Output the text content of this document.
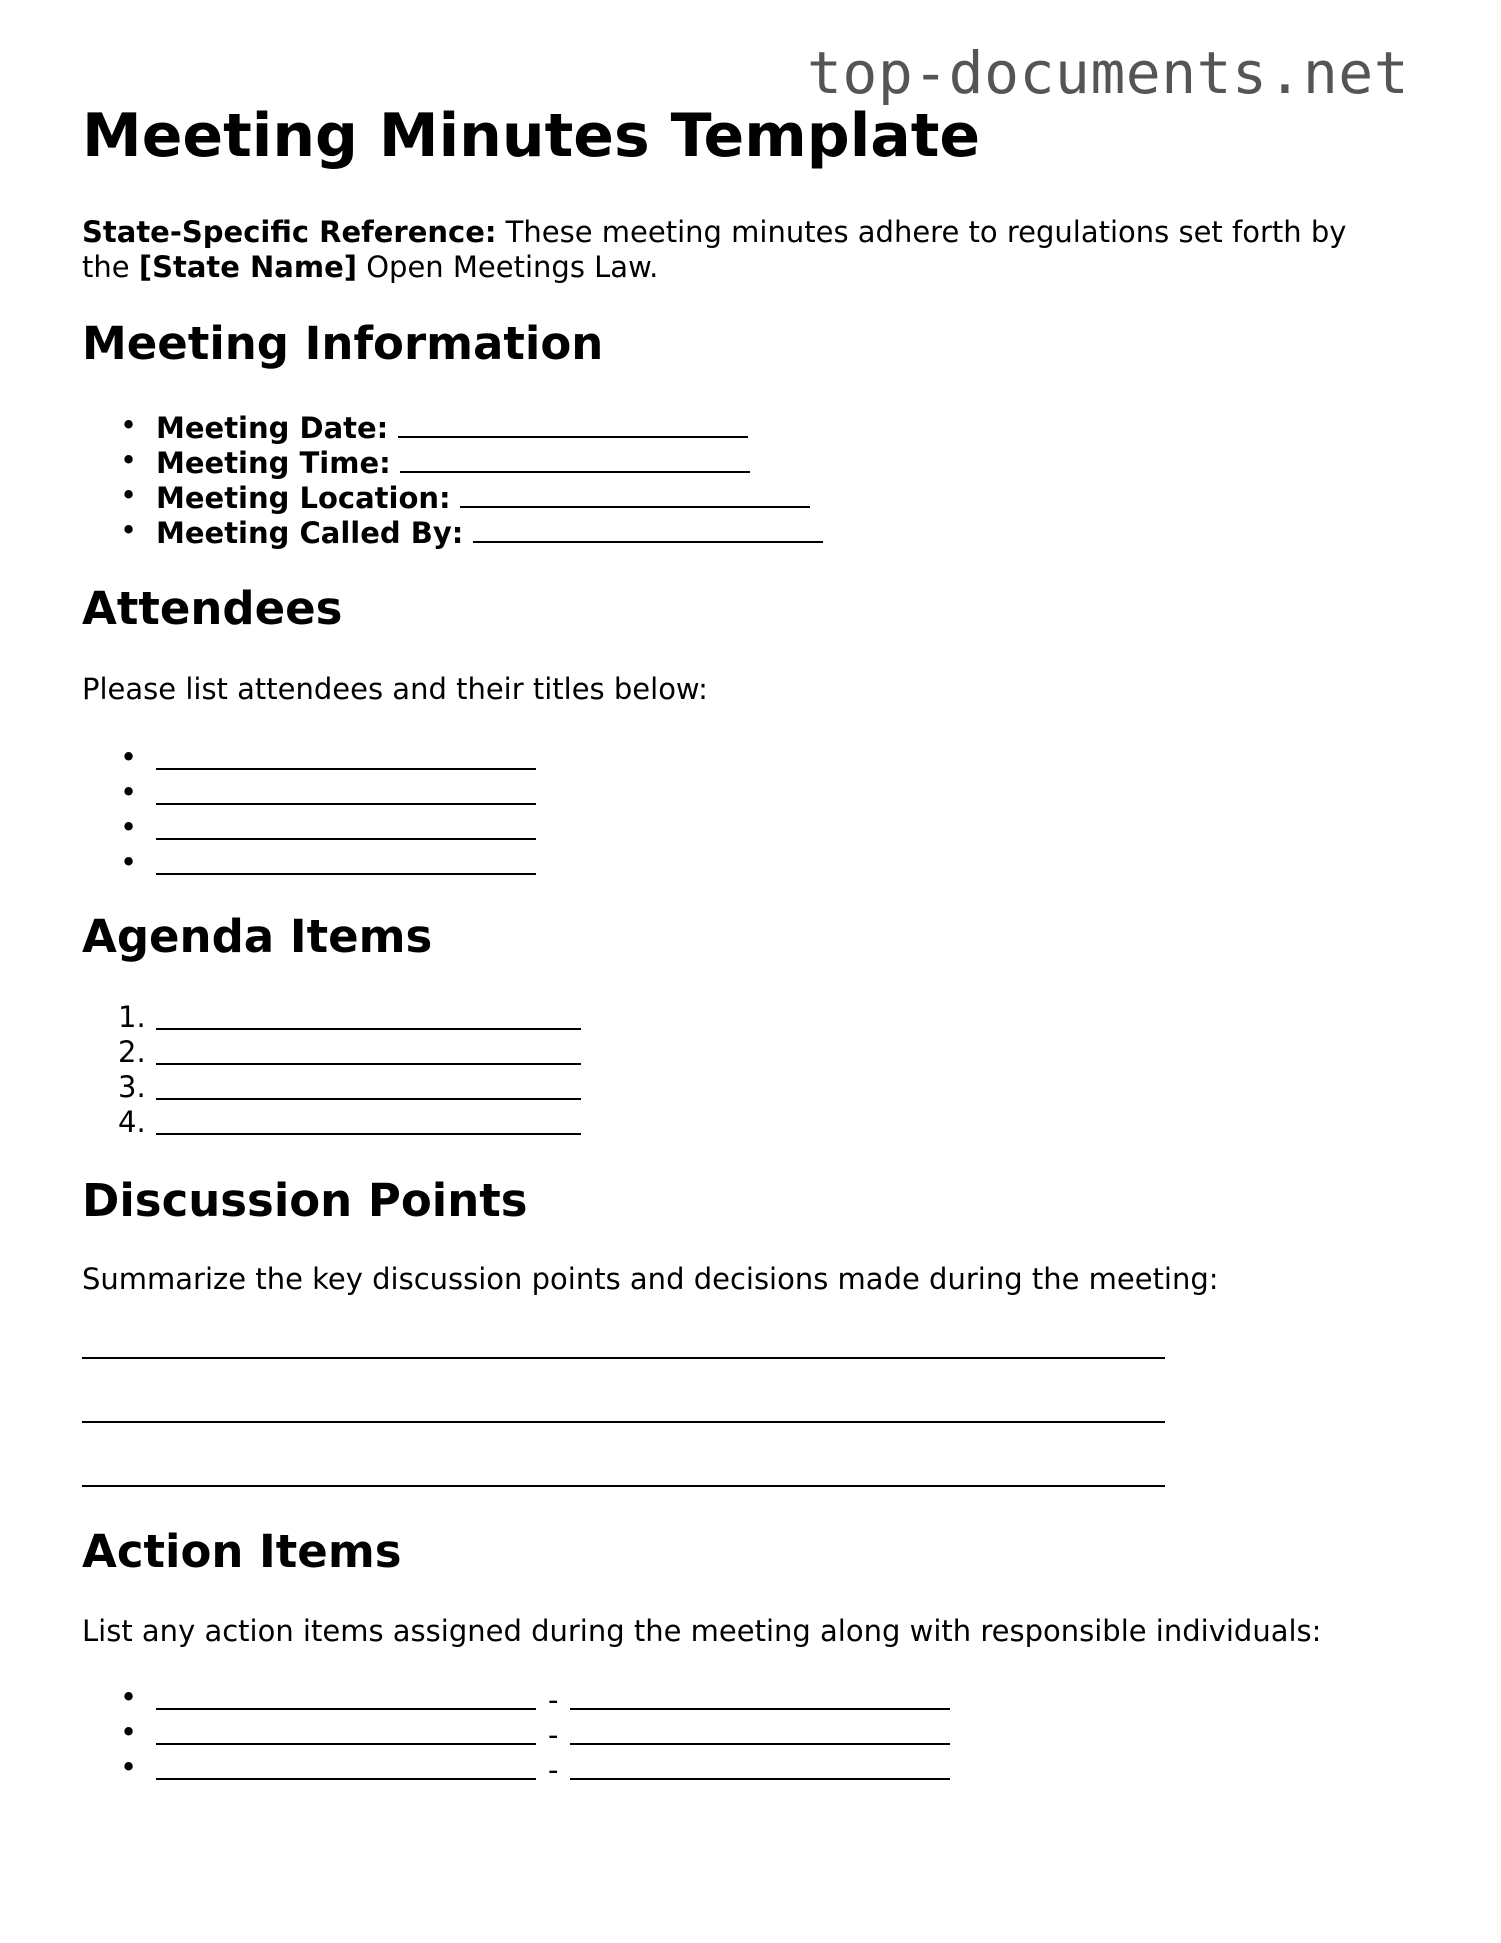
top-documents.net
Meeting Minutes Template

State-Specific Reference: These meeting minutes adhere to regulations set forth by
the [State Name] Open Meetings Law.

Meeting Information
• Meeting Date:
• Meeting Time:
• Meeting Location:
• Meeting Called By:
Attendees

Please list attendees and their titles below:

•
•
•
•
Agenda Items
1.
2.
3.
4.
Discussion Points

Summarize the key discussion points and decisions made during the meeting:

Action Items

List any action items assigned during the meeting along with responsible individuals:

•	-
•	-
•	-
